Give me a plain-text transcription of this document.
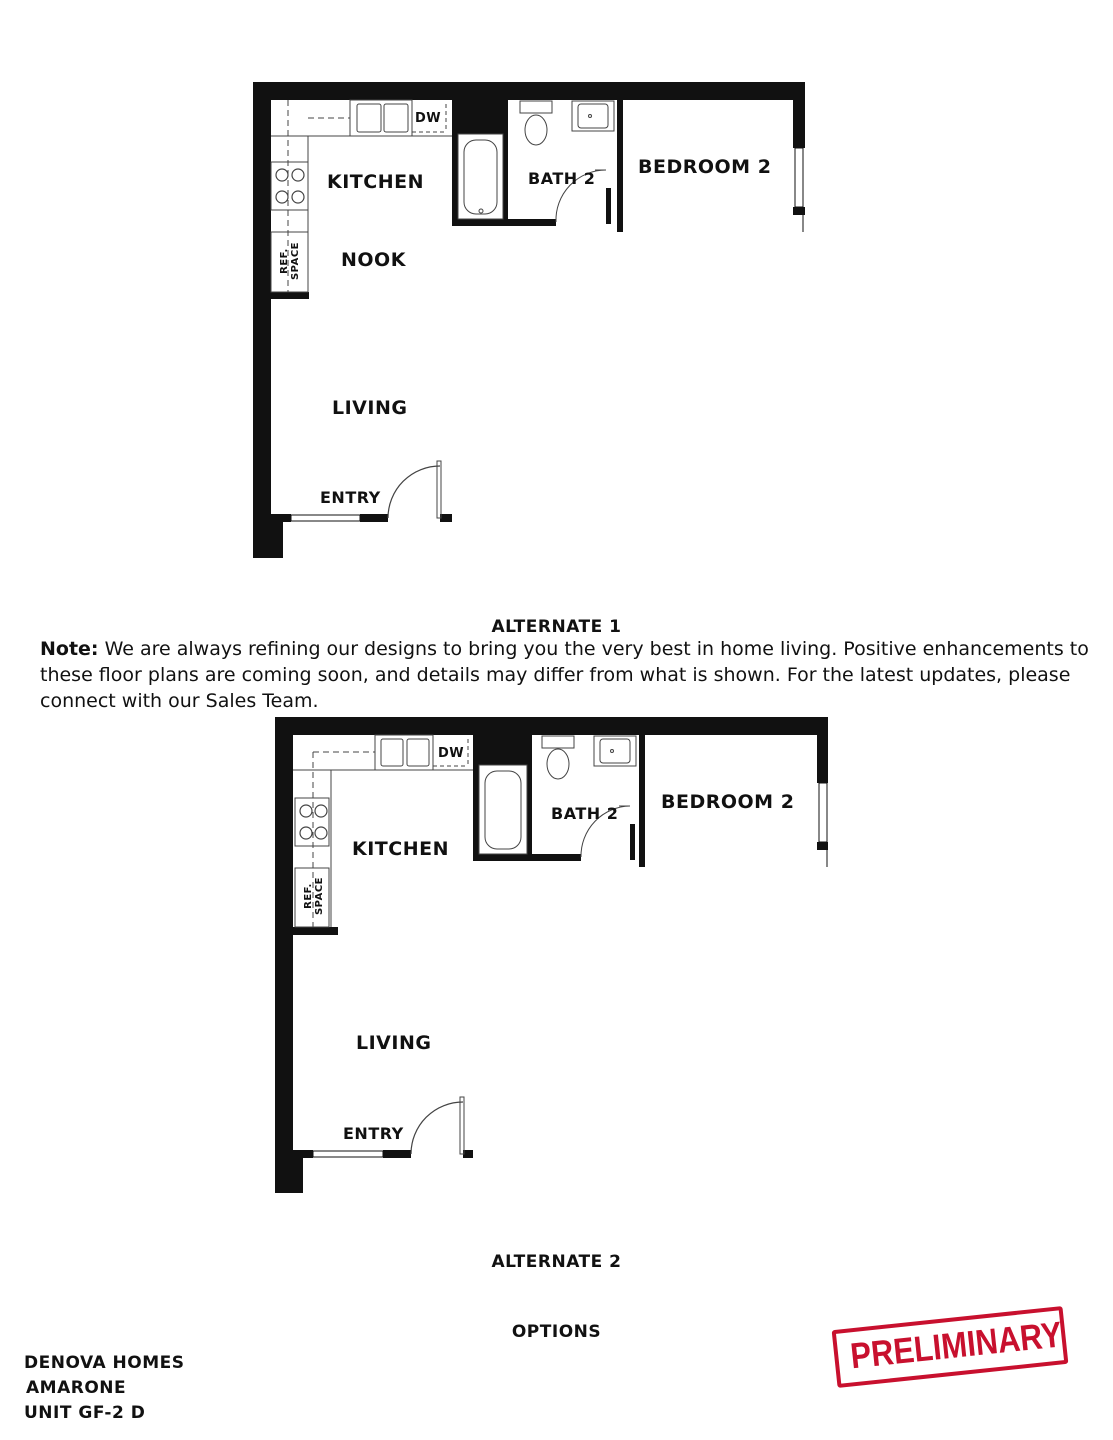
KITCHEN
NOOK
LIVING
ENTRY
BATH 2
BEDROOM 2
DW
REF.
SPACE
ALTERNATE 1
Note: We are always refining our designs to bring you the very best in home living. Positive enhancements to these floor plans are coming soon, and details may differ from what is shown. For the latest updates, please connect with our Sales Team.
KITCHEN
LIVING
ENTRY
BATH 2
BEDROOM 2
DW
REF.
SPACE
ALTERNATE 2
OPTIONS
DENOVA HOMES
AMARONE
UNIT GF-2 D
PRELIMINARY
